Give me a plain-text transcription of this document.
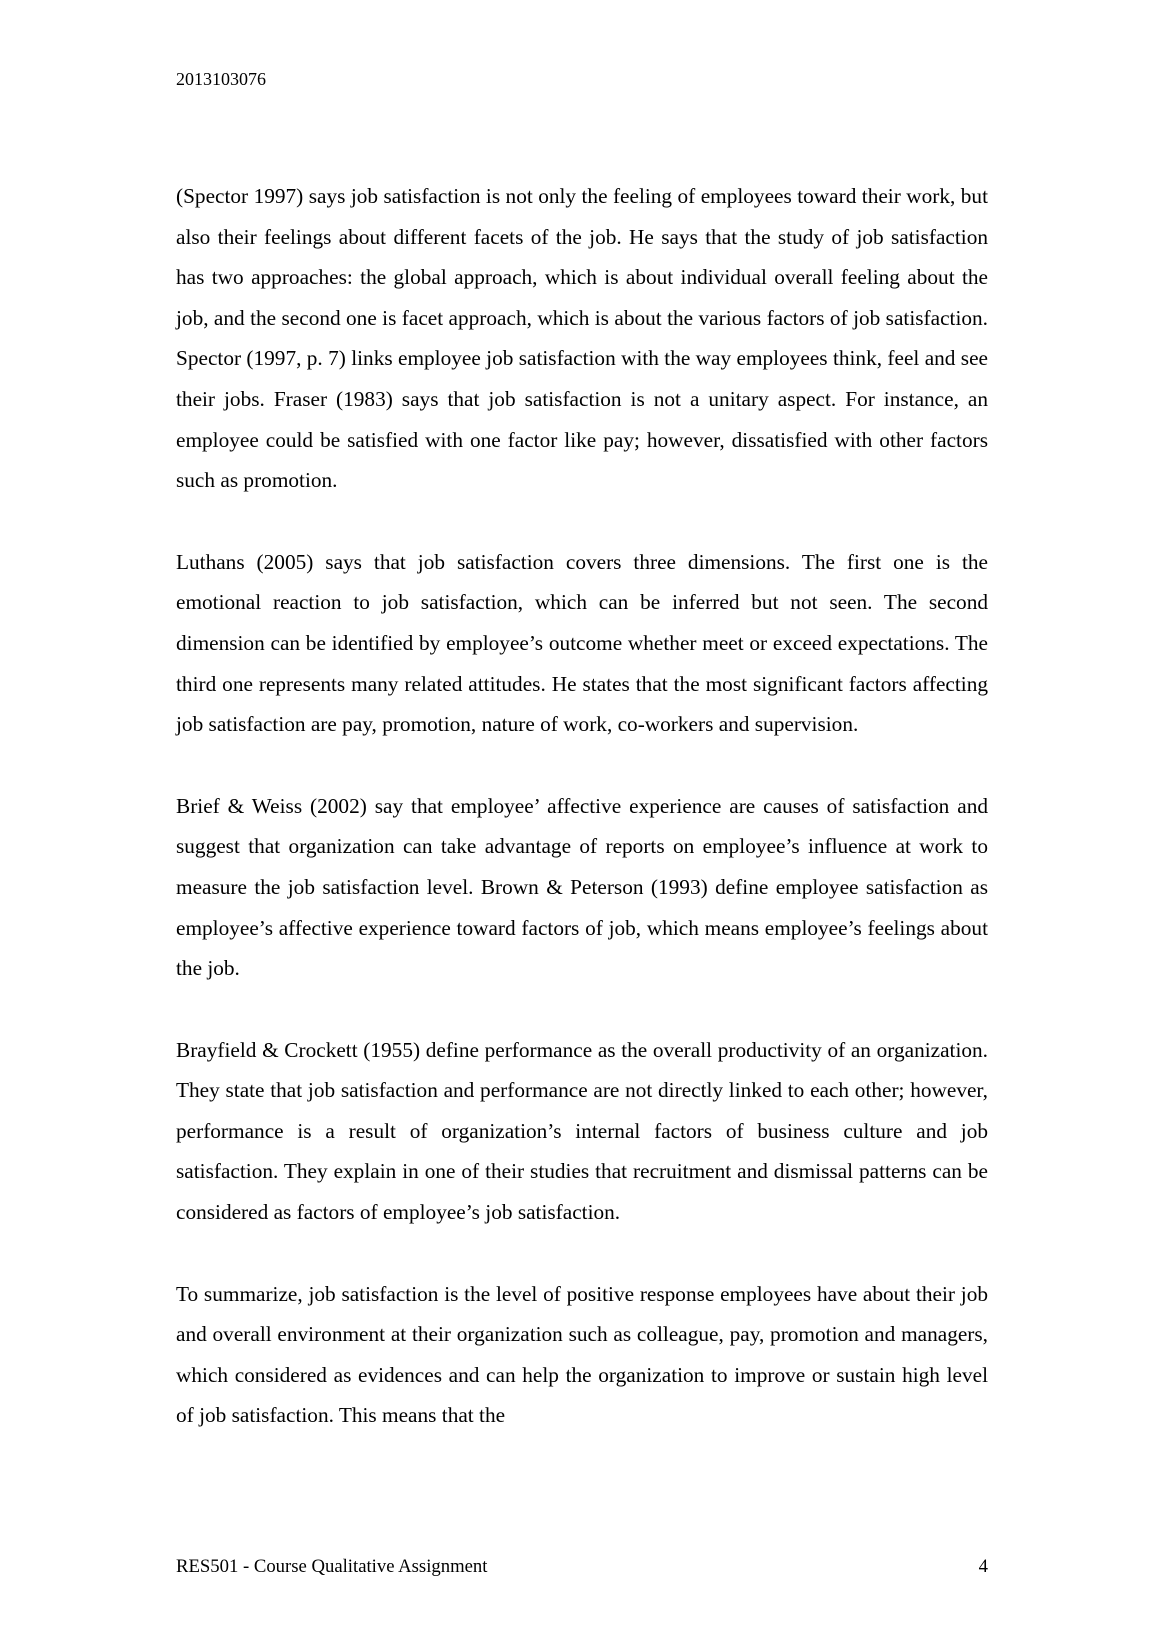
2013103076

(Spector 1997) says job satisfaction is not only the feeling of employees toward their work, but also their feelings about different facets of the job. He says that the study of job satisfaction has two approaches: the global approach, which is about individual overall feeling about the job, and the second one is facet approach, which is about the various factors of job satisfaction. Spector (1997, p. 7) links employee job satisfaction with the way employees think, feel and see their jobs. Fraser (1983) says that job satisfaction is not a unitary aspect. For instance, an employee could be satisfied with one factor like pay; however, dissatisfied with other factors such as promotion.

Luthans (2005) says that job satisfaction covers three dimensions. The first one is the emotional reaction to job satisfaction, which can be inferred but not seen. The second dimension can be identified by employee’s outcome whether meet or exceed expectations. The third one represents many related attitudes. He states that the most significant factors affecting job satisfaction are pay, promotion, nature of work, co-workers and supervision.

Brief & Weiss (2002) say that employee’ affective experience are causes of satisfaction and suggest that organization can take advantage of reports on employee’s influence at work to measure the job satisfaction level. Brown & Peterson (1993) define employee satisfaction as employee’s affective experience toward factors of job, which means employee’s feelings about the job.

Brayfield & Crockett (1955) define performance as the overall productivity of an organization. They state that job satisfaction and performance are not directly linked to each other; however, performance is a result of organization’s internal factors of business culture and job satisfaction. They explain in one of their studies that recruitment and dismissal patterns can be considered as factors of employee’s job satisfaction.

To summarize, job satisfaction is the level of positive response employees have about their job and overall environment at their organization such as colleague, pay, promotion and managers, which considered as evidences and can help the organization to improve or sustain high level of job satisfaction. This means that the

RES501 - Course Qualitative Assignment	4
